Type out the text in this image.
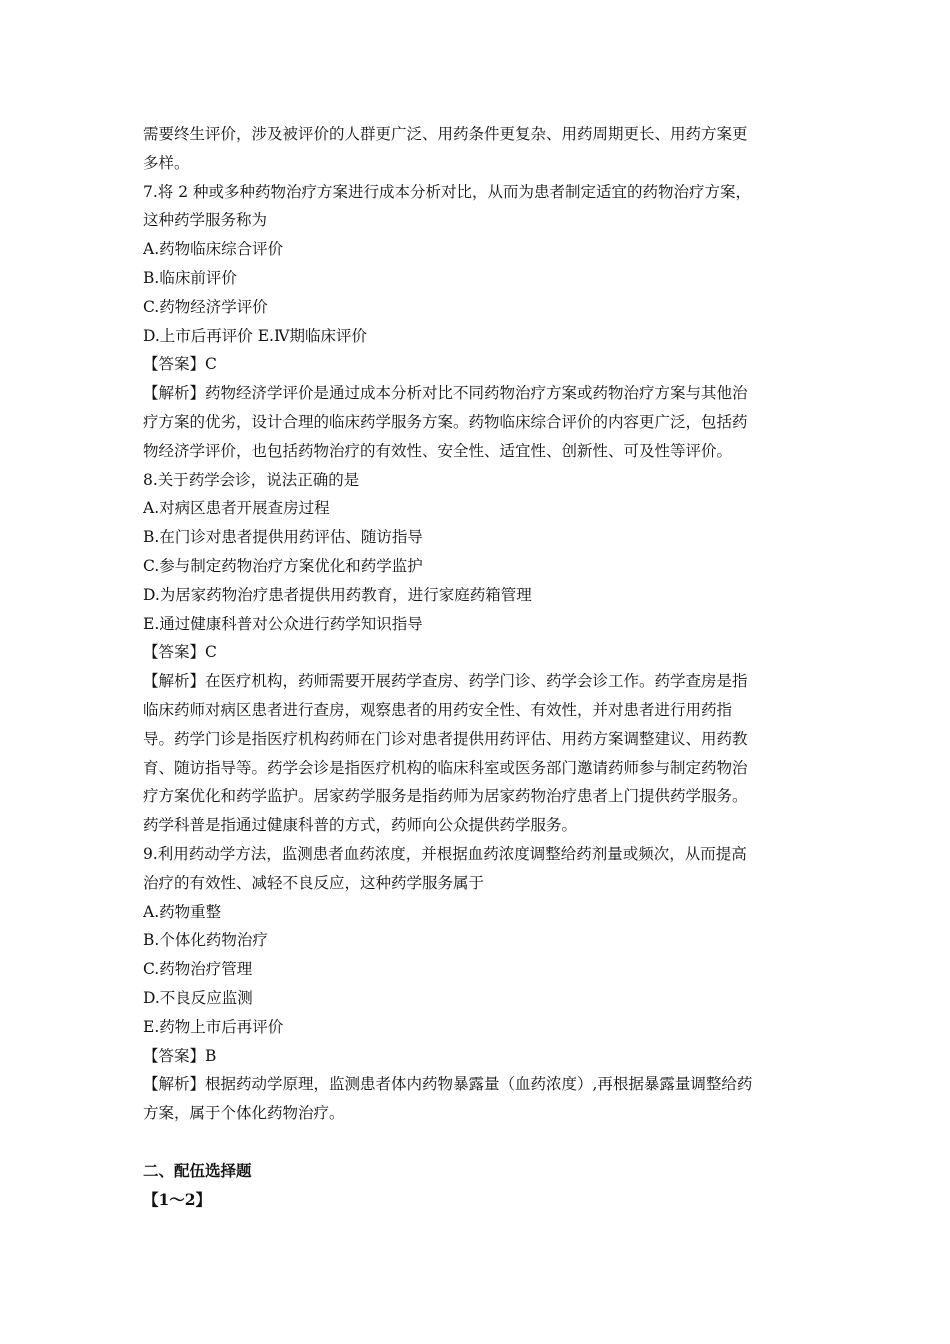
需要终生评价，涉及被评价的人群更广泛、用药条件更复杂、用药周期更长、用药方案更
多样。
7.将 2 种或多种药物治疗方案进行成本分析对比，从而为患者制定适宜的药物治疗方案，
这种药学服务称为
A.药物临床综合评价
B.临床前评价
C.药物经济学评价
D.上市后再评价 E.Ⅳ期临床评价
【答案】C
【解析】药物经济学评价是通过成本分析对比不同药物治疗方案或药物治疗方案与其他治
疗方案的优劣，设计合理的临床药学服务方案。药物临床综合评价的内容更广泛，包括药
物经济学评价，也包括药物治疗的有效性、安全性、适宜性、创新性、可及性等评价。
8.关于药学会诊，说法正确的是
A.对病区患者开展查房过程
B.在门诊对患者提供用药评估、随访指导
C.参与制定药物治疗方案优化和药学监护
D.为居家药物治疗患者提供用药教育，进行家庭药箱管理
E.通过健康科普对公众进行药学知识指导
【答案】C
【解析】在医疗机构，药师需要开展药学查房、药学门诊、药学会诊工作。药学查房是指
临床药师对病区患者进行查房，观察患者的用药安全性、有效性，并对患者进行用药指
导。药学门诊是指医疗机构药师在门诊对患者提供用药评估、用药方案调整建议、用药教
育、随访指导等。药学会诊是指医疗机构的临床科室或医务部门邀请药师参与制定药物治
疗方案优化和药学监护。居家药学服务是指药师为居家药物治疗患者上门提供药学服务。
药学科普是指通过健康科普的方式，药师向公众提供药学服务。
9.利用药动学方法，监测患者血药浓度，并根据血药浓度调整给药剂量或频次，从而提高
治疗的有效性、减轻不良反应，这种药学服务属于
A.药物重整
B.个体化药物治疗
C.药物治疗管理
D.不良反应监测
E.药物上市后再评价
【答案】B
【解析】根据药动学原理，监测患者体内药物暴露量（血药浓度）,再根据暴露量调整给药
方案，属于个体化药物治疗。
二、配伍选择题
【1～2】
